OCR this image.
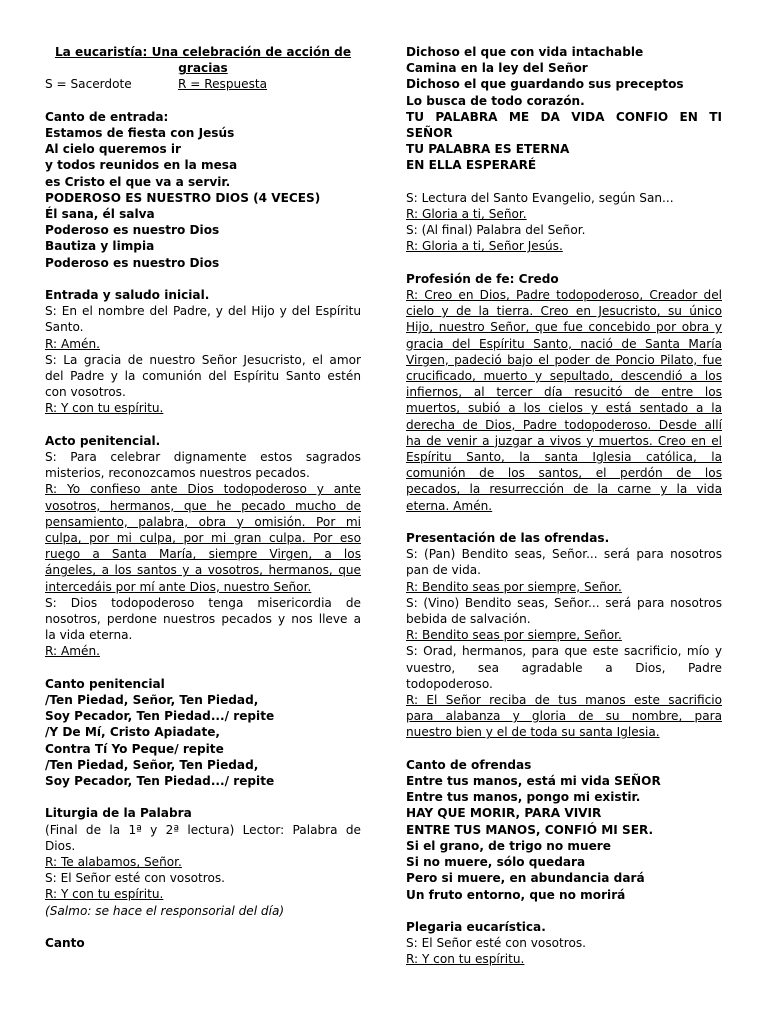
La eucaristía: Una celebración de acción de
gracias
S = Sacerdote	R = Respuesta
Canto de entrada:
Estamos de fiesta con Jesús
Al cielo queremos ir
y todos reunidos en la mesa
es Cristo el que va a servir.
PODEROSO ES NUESTRO DIOS (4 VECES)
Él sana, él salva
Poderoso es nuestro Dios
Bautiza y limpia
Poderoso es nuestro Dios
Entrada y saludo inicial.
S: En el nombre del Padre, y del Hijo y del Espíritu
Santo.
R: Amén.
S: La gracia de nuestro Señor Jesucristo, el amor
del Padre y la comunión del Espíritu Santo estén
con vosotros.
R: Y con tu espíritu.
Acto penitencial.
S: Para celebrar dignamente estos sagrados
misterios, reconozcamos nuestros pecados.
R: Yo confieso ante Dios todopoderoso y ante
vosotros, hermanos, que he pecado mucho de
pensamiento, palabra, obra y omisión. Por mi
culpa, por mi culpa, por mi gran culpa. Por eso
ruego a Santa María, siempre Virgen, a los
ángeles, a los santos y a vosotros, hermanos, que
intercedáis por mí ante Dios, nuestro Señor.
S: Dios todopoderoso tenga misericordia de
nosotros, perdone nuestros pecados y nos lleve a
la vida eterna.
R: Amén.
Canto penitencial
/Ten Piedad, Señor, Ten Piedad,
Soy Pecador, Ten Piedad.../ repite
/Y De Mí, Cristo Apiadate,
Contra Tí Yo Peque/ repite
/Ten Piedad, Señor, Ten Piedad,
Soy Pecador, Ten Piedad.../ repite
Liturgia de la Palabra
(Final de la 1ª y 2ª lectura) Lector: Palabra de
Dios.
R: Te alabamos, Señor.
S: El Señor esté con vosotros.
R: Y con tu espíritu.
(Salmo: se hace el responsorial del día)
Canto
Dichoso el que con vida intachable
Camina en la ley del Señor
Dichoso el que guardando sus preceptos
Lo busca de todo corazón.
TU PALABRA ME DA VIDA CONFIO EN TI
SEÑOR
TU PALABRA ES ETERNA
EN ELLA ESPERARÉ
S: Lectura del Santo Evangelio, según San...
R: Gloria a ti, Señor.
S: (Al final) Palabra del Señor.
R: Gloria a ti, Señor Jesús.
Profesión de fe: Credo
R: Creo en Dios, Padre todopoderoso, Creador del
cielo y de la tierra. Creo en Jesucristo, su único
Hijo, nuestro Señor, que fue concebido por obra y
gracia del Espíritu Santo, nació de Santa María
Virgen, padeció bajo el poder de Poncio Pilato, fue
crucificado, muerto y sepultado, descendió a los
infiernos, al tercer día resucitó de entre los
muertos, subió a los cielos y está sentado a la
derecha de Dios, Padre todopoderoso. Desde allí
ha de venir a juzgar a vivos y muertos. Creo en el
Espíritu Santo, la santa Iglesia católica, la
comunión de los santos, el perdón de los
pecados, la resurrección de la carne y la vida
eterna. Amén.
Presentación de las ofrendas.
S: (Pan) Bendito seas, Señor... será para nosotros
pan de vida.
R: Bendito seas por siempre, Señor.
S: (Vino) Bendito seas, Señor... será para nosotros
bebida de salvación.
R: Bendito seas por siempre, Señor.
S: Orad, hermanos, para que este sacrificio, mío y
vuestro, sea agradable a Dios, Padre
todopoderoso.
R: El Señor reciba de tus manos este sacrificio
para alabanza y gloria de su nombre, para
nuestro bien y el de toda su santa Iglesia.
Canto de ofrendas
Entre tus manos, está mi vida SEÑOR
Entre tus manos, pongo mi existir.
HAY QUE MORIR, PARA VIVIR
ENTRE TUS MANOS, CONFIÓ MI SER.
Si el grano, de trigo no muere
Si no muere, sólo quedara
Pero si muere, en abundancia dará
Un fruto entorno, que no morirá
Plegaria eucarística.
S: El Señor esté con vosotros.
R: Y con tu espíritu.
